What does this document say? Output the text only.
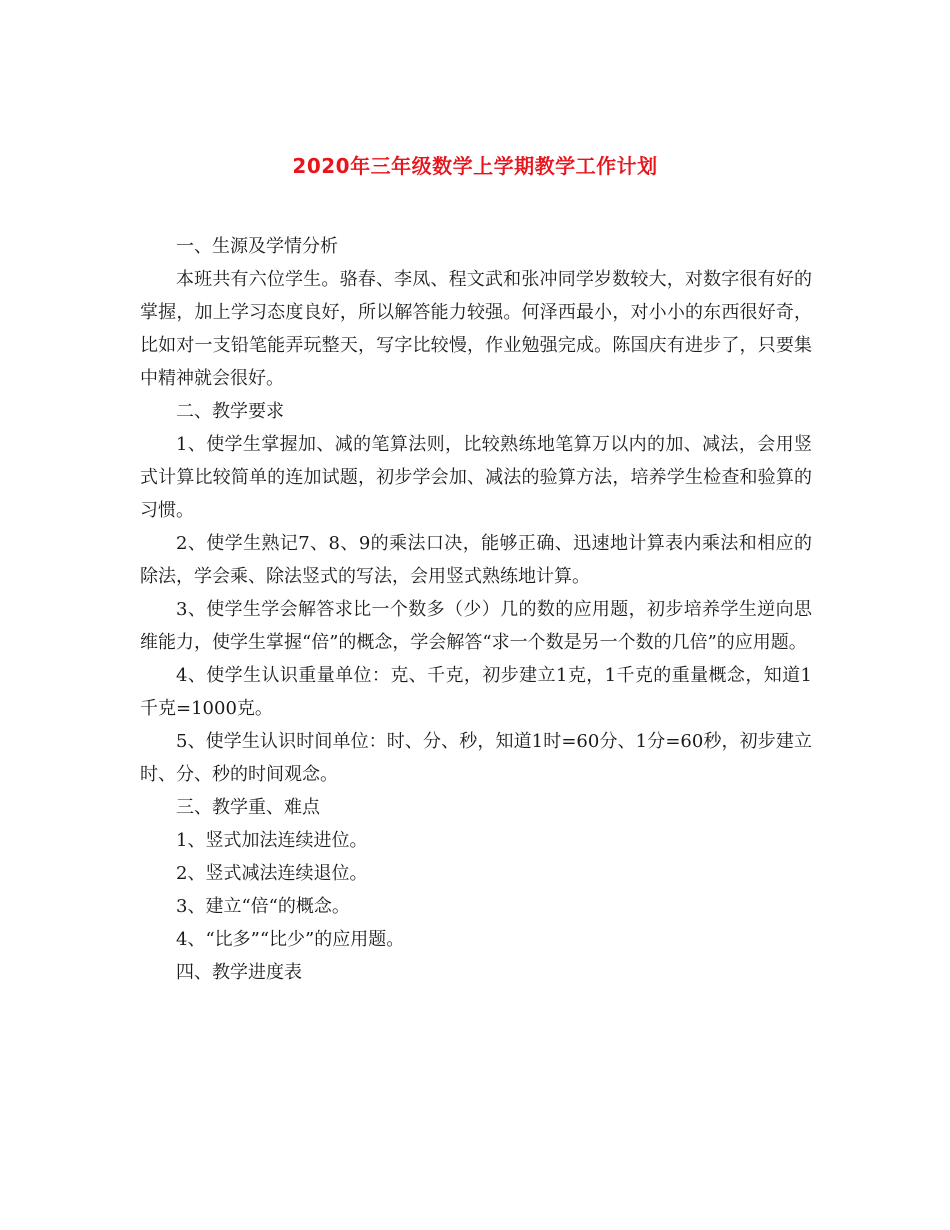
2020年三年级数学上学期教学工作计划

一、生源及学情分析

本班共有六位学生。骆春、李凤、程文武和张冲同学岁数较大，对数字很有好的掌握，加上学习态度良好，所以解答能力较强。何泽西最小，对小小的东西很好奇，比如对一支铅笔能弄玩整天，写字比较慢，作业勉强完成。陈国庆有进步了，只要集中精神就会很好。

二、教学要求

1、使学生掌握加、减的笔算法则，比较熟练地笔算万以内的加、减法，会用竖式计算比较简单的连加试题，初步学会加、减法的验算方法，培养学生检查和验算的习惯。

2、使学生熟记7、8、9的乘法口决，能够正确、迅速地计算表内乘法和相应的除法，学会乘、除法竖式的写法，会用竖式熟练地计算。

3、使学生学会解答求比一个数多（少）几的数的应用题，初步培养学生逆向思维能力，使学生掌握“倍”的概念，学会解答“求一个数是另一个数的几倍”的应用题。

4、使学生认识重量单位：克、千克，初步建立1克，1千克的重量概念，知道1千克=1000克。

5、使学生认识时间单位：时、分、秒，知道1时=60分、1分=60秒，初步建立时、分、秒的时间观念。

三、教学重、难点

1、竖式加法连续进位。

2、竖式减法连续退位。

3、建立“倍“的概念。

4、“比多”“比少”的应用题。

四、教学进度表
